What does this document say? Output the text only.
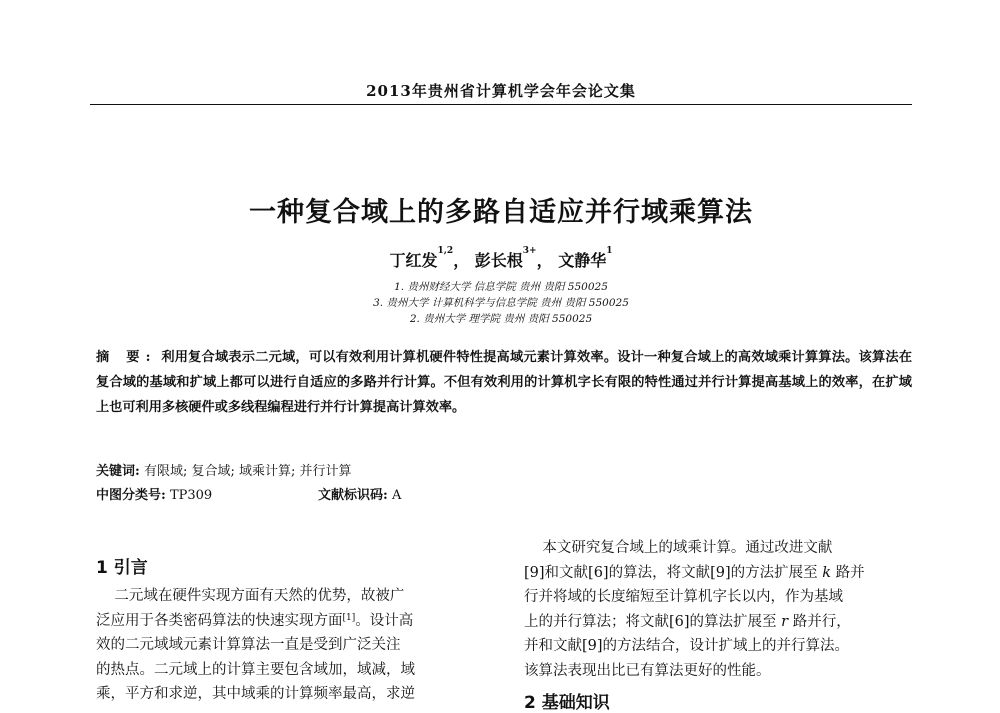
2013年贵州省计算机学会年会论文集
一种复合域上的多路自适应并行域乘算法
丁红发$^{1,2}$， 彭长根$^{3+}$， 文静华$^1$
1. 贵州财经大学 信息学院 贵州 贵阳 550025
3. 贵州大学 计算机科学与信息学院 贵州 贵阳 550025
2. 贵州大学 理学院 贵州 贵阳 550025
摘 要: 利用复合域表示二元域，可以有效利用计算机硬件特性提高域元素计算效率。设计一种复合域上的高效域乘计算算法。该算法在复合域的基域和扩域上都可以进行自适应的多路并行计算。不但有效利用的计算机字长有限的特性通过并行计算提高基域上的效率，在扩域上也可利用多核硬件或多线程编程进行并行计算提高计算效率。
关键词: 有限域; 复合域; 域乘计算; 并行计算
中图分类号: TP309	文献标识码: A
1 引言
二元域在硬件实现方面有天然的优势，故被广
泛应用于各类密码算法的快速实现方面[1]。设计高
效的二元域域元素计算算法一直是受到广泛关注
的热点。二元域上的计算主要包含域加，域减，域
乘，平方和求逆，其中域乘的计算频率最高，求逆
本文研究复合域上的域乘计算。通过改进文献
[9]和文献[6]的算法，将文献[9]的方法扩展至 k 路并
行并将域的长度缩短至计算机字长以内，作为基域
上的并行算法；将文献[6]的算法扩展至 r 路并行，
并和文献[9]的方法结合，设计扩域上的并行算法。
该算法表现出比已有算法更好的性能。
2 基础知识
